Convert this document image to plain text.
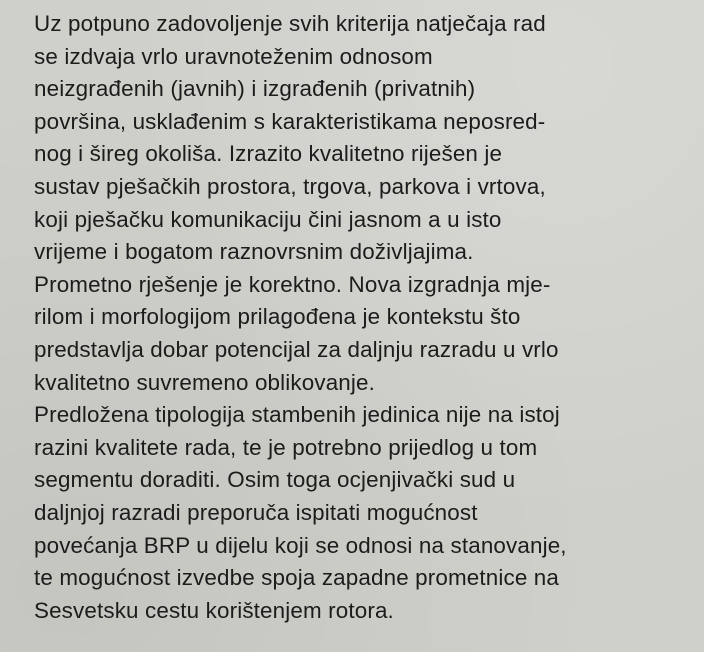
Uz potpuno zadovoljenje svih kriterija natječaja rad
se izdvaja vrlo uravnoteženim odnosom
neizgrađenih (javnih) i izgrađenih (privatnih)
površina, usklađenim s karakteristikama neposred-
nog i šireg okoliša. Izrazito kvalitetno riješen je
sustav pješačkih prostora, trgova, parkova i vrtova,
koji pješačku komunikaciju čini jasnom a u isto
vrijeme i bogatom raznovrsnim doživljajima.
Prometno rješenje je korektno. Nova izgradnja mje-
rilom i morfologijom prilagođena je kontekstu što
predstavlja dobar potencijal za daljnju razradu u vrlo
kvalitetno suvremeno oblikovanje.
Predložena tipologija stambenih jedinica nije na istoj
razini kvalitete rada, te je potrebno prijedlog u tom
segmentu doraditi. Osim toga ocjenjivački sud u
daljnjoj razradi preporuča ispitati mogućnost
povećanja BRP u dijelu koji se odnosi na stanovanje,
te mogućnost izvedbe spoja zapadne prometnice na
Sesvetsku cestu korištenjem rotora.
